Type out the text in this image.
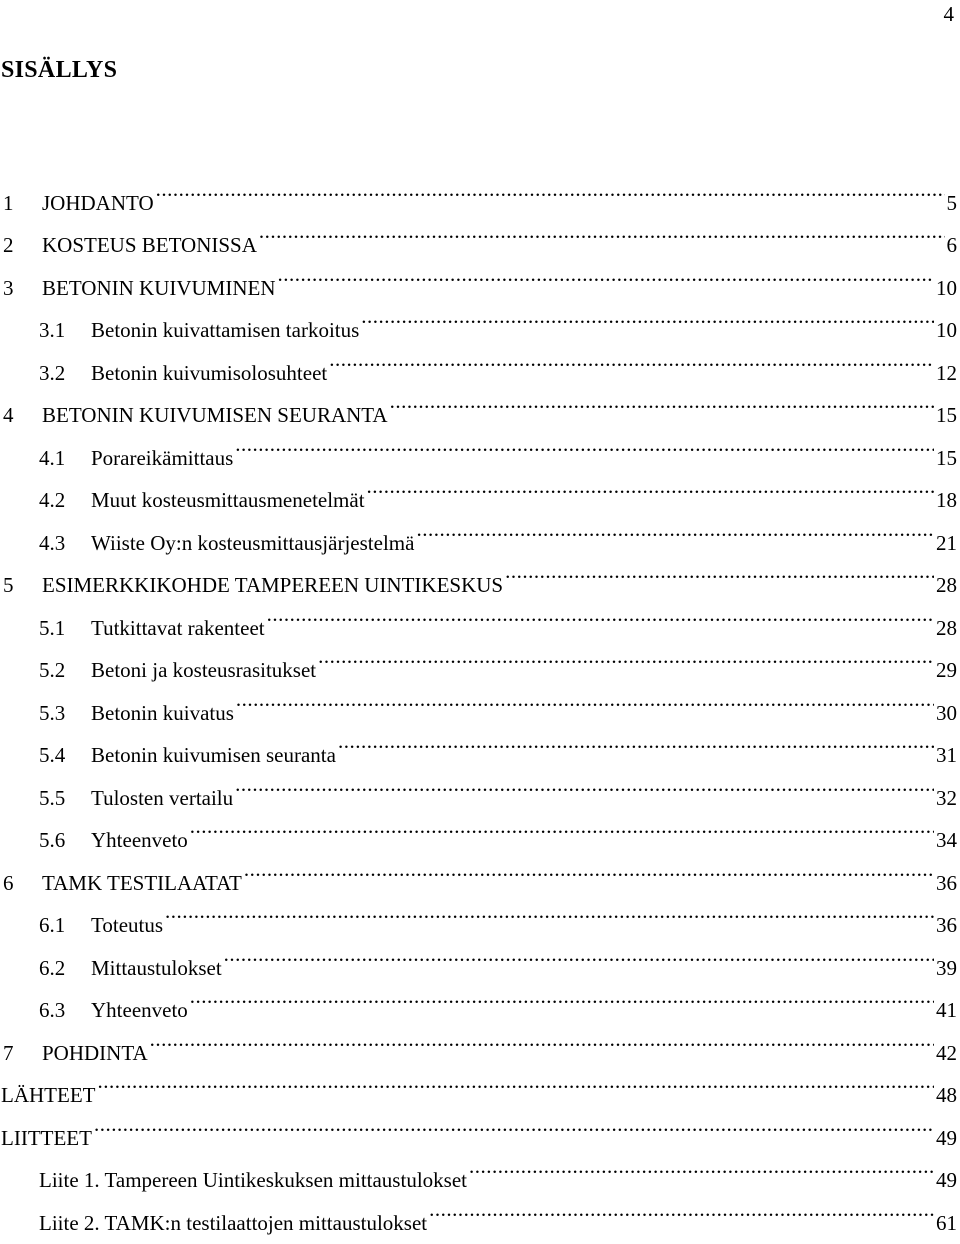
4
SISÄLLYS
1	JOHDANTO .....	5
2	KOSTEUS BETONISSA .....	6
3	BETONIN KUIVUMINEN .....	10
3.1	Betonin kuivattamisen tarkoitus .....	10
3.2	Betonin kuivumisolosuhteet .....	12
4	BETONIN KUIVUMISEN SEURANTA .....	15
4.1	Porareikämittaus .....	15
4.2	Muut kosteusmittausmenetelmät .....	18
4.3	Wiiste Oy:n kosteusmittausjärjestelmä .....	21
5	ESIMERKKIKOHDE TAMPEREEN UINTIKESKUS .....	28
5.1	Tutkittavat rakenteet .....	28
5.2	Betoni ja kosteusrasitukset .....	29
5.3	Betonin kuivatus .....	30
5.4	Betonin kuivumisen seuranta .....	31
5.5	Tulosten vertailu .....	32
5.6	Yhteenveto .....	34
6	TAMK TESTILAATAT .....	36
6.1	Toteutus .....	36
6.2	Mittaustulokset .....	39
6.3	Yhteenveto .....	41
7	POHDINTA .....	42
LÄHTEET .....	48
LIITTEET .....	49
Liite 1. Tampereen Uintikeskuksen mittaustulokset .....	49
Liite 2. TAMK:n testilaattojen mittaustulokset .....	61
